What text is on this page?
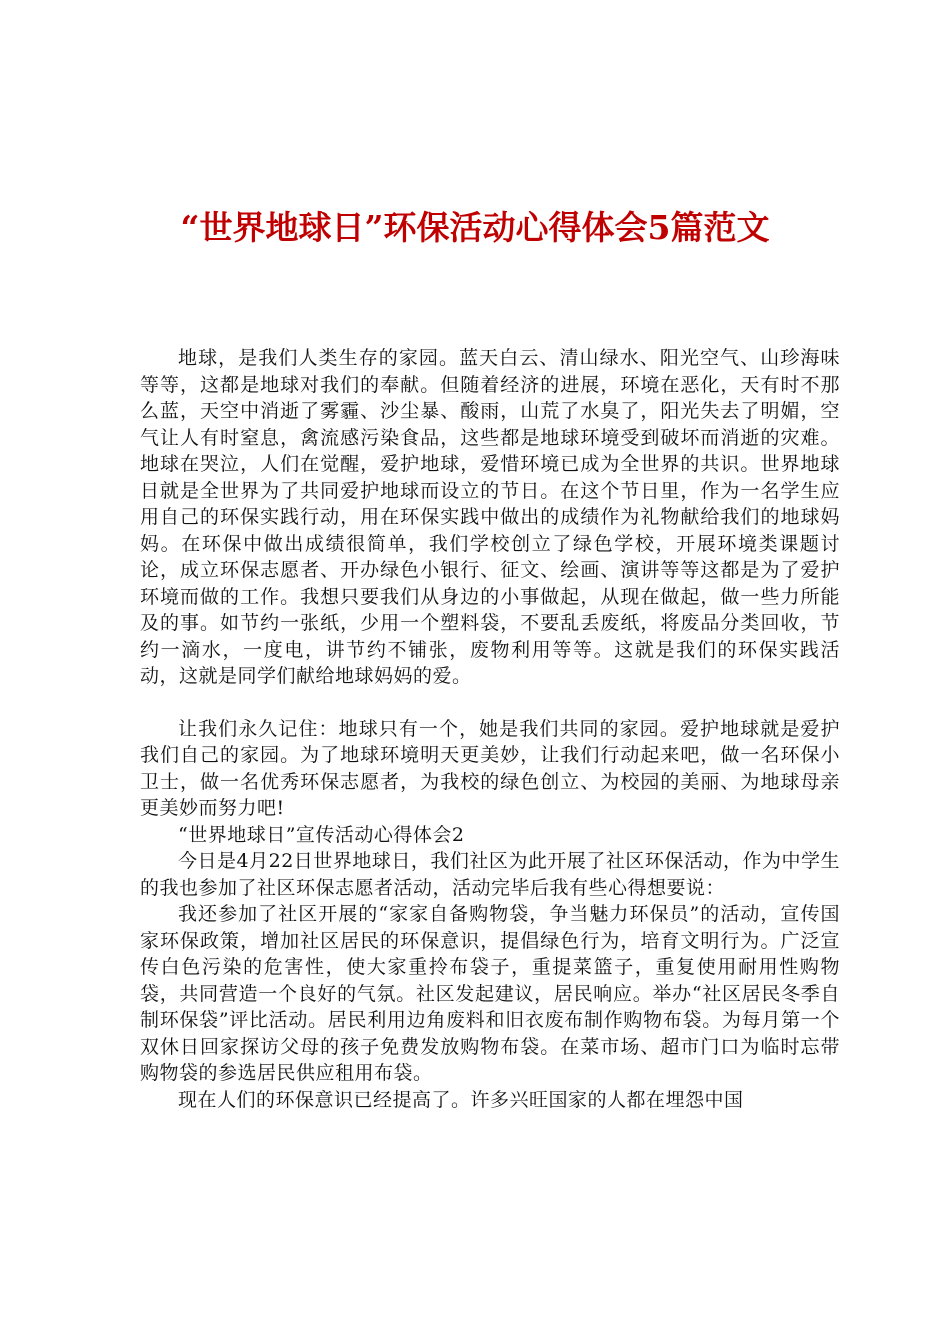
“世界地球日”环保活动心得体会5篇范文

地球，是我们人类生存的家园。蓝天白云、清山绿水、阳光空气、山珍海味等等，这都是地球对我们的奉献。但随着经济的进展，环境在恶化，天有时不那么蓝，天空中消逝了雾霾、沙尘暴、酸雨，山荒了水臭了，阳光失去了明媚，空气让人有时窒息，禽流感污染食品，这些都是地球环境受到破坏而消逝的灾难。地球在哭泣，人们在觉醒，爱护地球，爱惜环境已成为全世界的共识。世界地球日就是全世界为了共同爱护地球而设立的节日。在这个节日里，作为一名学生应用自己的环保实践行动，用在环保实践中做出的成绩作为礼物献给我们的地球妈妈。在环保中做出成绩很简单，我们学校创立了绿色学校，开展环境类课题讨论，成立环保志愿者、开办绿色小银行、征文、绘画、演讲等等这都是为了爱护环境而做的工作。我想只要我们从身边的小事做起，从现在做起，做一些力所能及的事。如节约一张纸，少用一个塑料袋，不要乱丢废纸，将废品分类回收，节约一滴水，一度电，讲节约不铺张，废物利用等等。这就是我们的环保实践活动，这就是同学们献给地球妈妈的爱。

让我们永久记住：地球只有一个，她是我们共同的家园。爱护地球就是爱护我们自己的家园。为了地球环境明天更美妙，让我们行动起来吧，做一名环保小卫士，做一名优秀环保志愿者，为我校的绿色创立、为校园的美丽、为地球母亲更美妙而努力吧!

“世界地球日”宣传活动心得体会2

今日是4月22日世界地球日，我们社区为此开展了社区环保活动，作为中学生的我也参加了社区环保志愿者活动，活动完毕后我有些心得想要说：

我还参加了社区开展的“家家自备购物袋，争当魅力环保员”的活动，宣传国家环保政策，增加社区居民的环保意识，提倡绿色行为，培育文明行为。广泛宣传白色污染的危害性，使大家重拎布袋子，重提菜篮子，重复使用耐用性购物袋，共同营造一个良好的气氛。社区发起建议，居民响应。举办“社区居民冬季自制环保袋”评比活动。居民利用边角废料和旧衣废布制作购物布袋。为每月第一个双休日回家探访父母的孩子免费发放购物布袋。在菜市场、超市门口为临时忘带购物袋的参选居民供应租用布袋。

现在人们的环保意识已经提高了。许多兴旺国家的人都在埋怨中国
